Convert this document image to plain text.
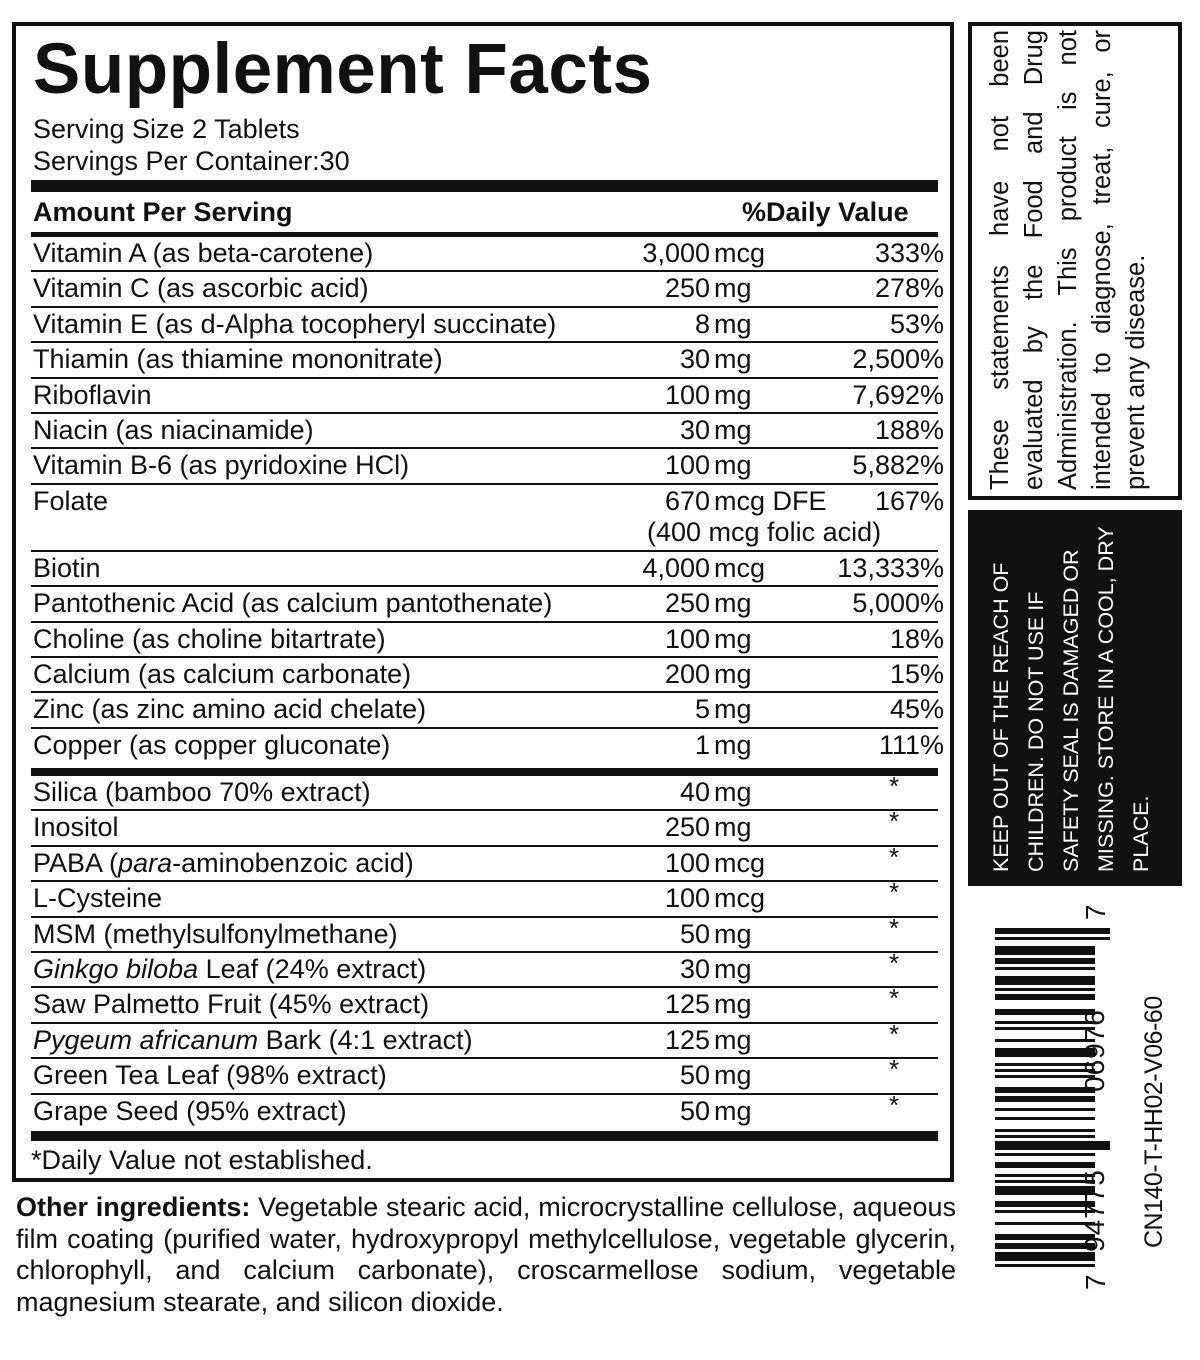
Supplement Facts
Serving Size 2 Tablets
Servings Per Container:30
Amount Per Serving	%Daily Value
Vitamin A (as beta-carotene)	3,000 mcg	333%
Vitamin C (as ascorbic acid)	250 mg	278%
Vitamin E (as d-Alpha tocopheryl succinate)	8 mg	53%
Thiamin (as thiamine mononitrate)	30 mg	2,500%
Riboflavin	100 mg	7,692%
Niacin (as niacinamide)	30 mg	188%
Vitamin B-6 (as pyridoxine HCl)	100 mg	5,882%
Folate	670 mcg DFE 167%
(400 mcg folic acid)
Biotin	4,000 mcg	13,333%
Pantothenic Acid (as calcium pantothenate)	250 mg	5,000%
Choline (as choline bitartrate)	100 mg	18%
Calcium (as calcium carbonate)	200 mg	15%
Zinc (as zinc amino acid chelate)	5 mg	45%
Copper (as copper gluconate)	1 mg	111%
Silica (bamboo 70% extract)	40 mg	*
Inositol	250 mg	*
PABA (para-aminobenzoic acid)	100 mcg	*
L-Cysteine	100 mcg	*
MSM (methylsulfonylmethane)	50 mg	*
Ginkgo biloba Leaf (24% extract)	30 mg	*
Saw Palmetto Fruit (45% extract)	125 mg	*
Pygeum africanum Bark (4:1 extract)	125 mg	*
Green Tea Leaf (98% extract)	50 mg	*
Grape Seed (95% extract)	50 mg	*
*Daily Value not established.
Other ingredients: Vegetable stearic acid, microcrystalline cellulose, aqueous film coating (purified water, hydroxypropyl methylcellulose, vegetable glycerin, chlorophyll, and calcium carbonate), croscarmellose sodium, vegetable magnesium stearate, and silicon dioxide.
These statements have not been evaluated by the Food and Drug Administration. This product is not intended to diagnose, treat, cure, or prevent any disease.
KEEP OUT OF THE REACH OF CHILDREN. DO NOT USE IF SAFETY SEAL IS DAMAGED OR MISSING. STORE IN A COOL, DRY PLACE.
7
94775
06976
7
CN140-T-HH02-V06-60
